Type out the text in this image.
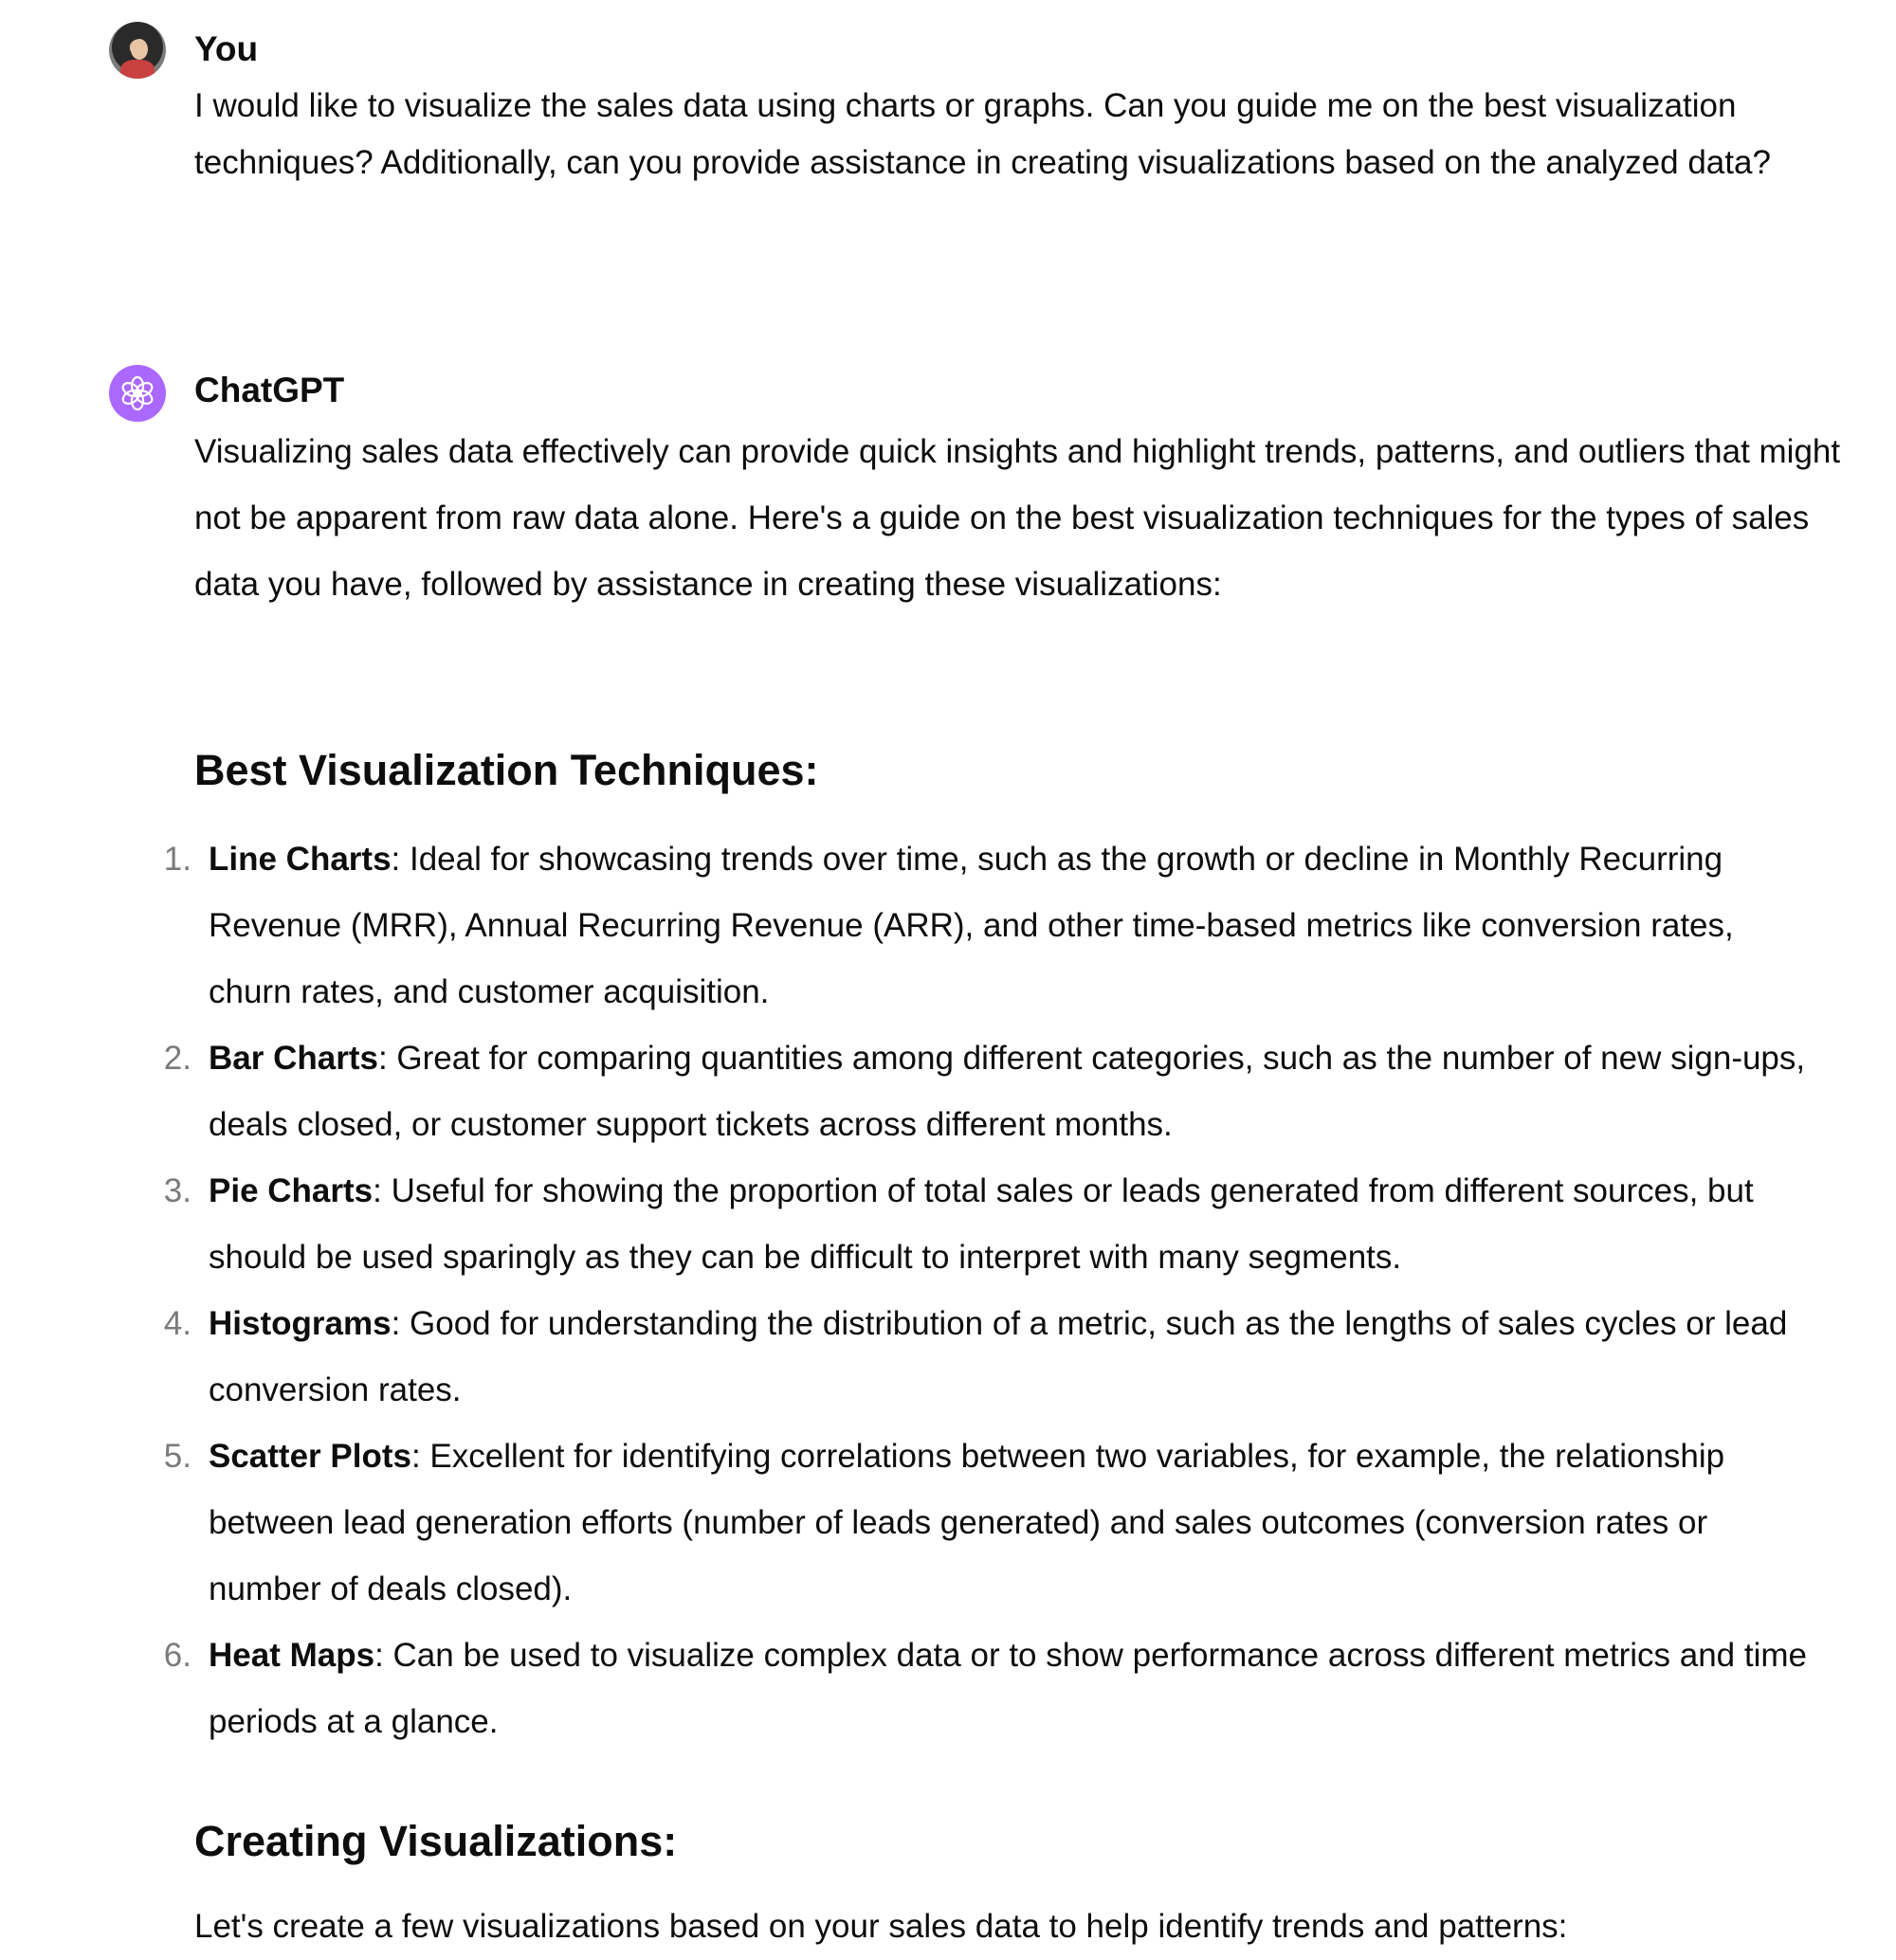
You

I would like to visualize the sales data using charts or graphs. Can you guide me on the best visualization techniques? Additionally, can you provide assistance in creating visualizations based on the analyzed data?

ChatGPT

Visualizing sales data effectively can provide quick insights and highlight trends, patterns, and outliers that might not be apparent from raw data alone. Here's a guide on the best visualization techniques for the types of sales data you have, followed by assistance in creating these visualizations:

Best Visualization Techniques:
1. Line Charts: Ideal for showcasing trends over time, such as the growth or decline in Monthly Recurring Revenue (MRR), Annual Recurring Revenue (ARR), and other time-based metrics like conversion rates, churn rates, and customer acquisition.
2. Bar Charts: Great for comparing quantities among different categories, such as the number of new sign-ups, deals closed, or customer support tickets across different months.
3. Pie Charts: Useful for showing the proportion of total sales or leads generated from different sources, but should be used sparingly as they can be difficult to interpret with many segments.
4. Histograms: Good for understanding the distribution of a metric, such as the lengths of sales cycles or lead conversion rates.
5. Scatter Plots: Excellent for identifying correlations between two variables, for example, the relationship between lead generation efforts (number of leads generated) and sales outcomes (conversion rates or number of deals closed).
6. Heat Maps: Can be used to visualize complex data or to show performance across different metrics and time periods at a glance.
Creating Visualizations:

Let's create a few visualizations based on your sales data to help identify trends and patterns:
